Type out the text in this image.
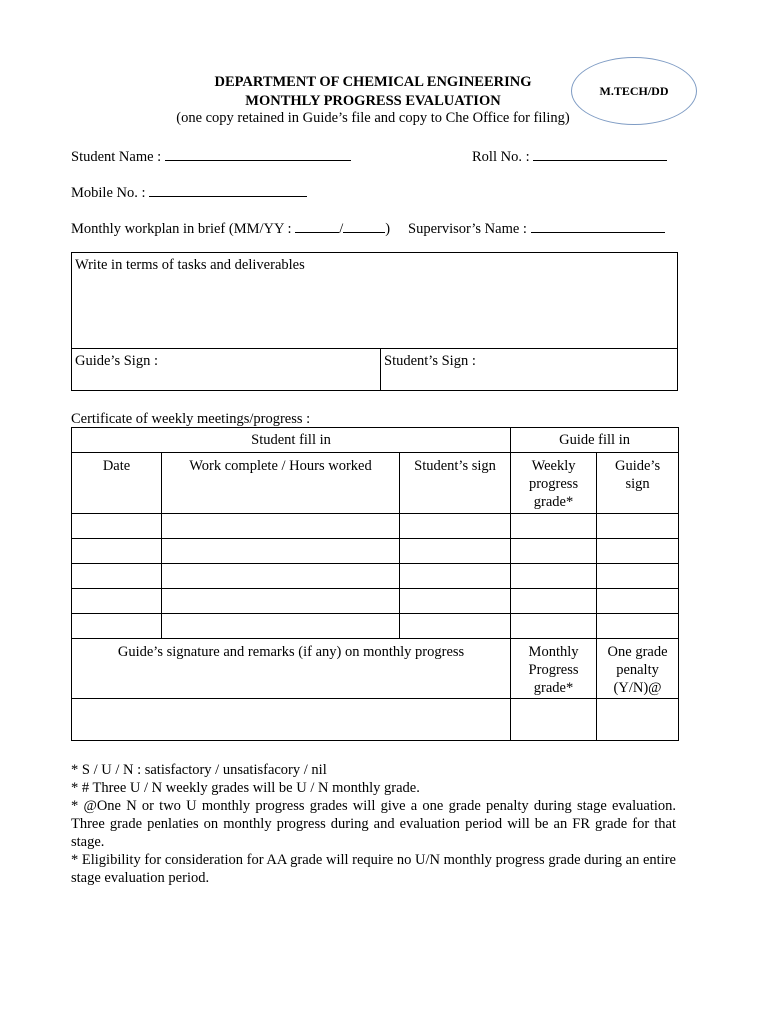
DEPARTMENT OF CHEMICAL ENGINEERING
MONTHLY PROGRESS EVALUATION
(one copy retained in Guide’s file and copy to Che Office for filing)
M.TECH/DD
Student Name :	Roll No. :
Mobile No. :
Monthly workplan in brief (MM/YY :	/	) Supervisor’s Name :
Write in terms of tasks and deliverables
Guide’s Sign :	Student’s Sign :
Certificate of weekly meetings/progress :
Student fill in			Guide fill in	
Date	Work complete / Hours worked	Student’s sign	Weekly progress grade*	Guide’s sign

Guide’s signature and remarks (if any) on monthly progress			Monthly Progress grade*	One grade penalty (Y/N)@

* S / U / N : satisfactory / unsatisfacory / nil

* # Three U / N weekly grades will be U / N monthly grade.

* @One N or two U monthly progress grades will give a one grade penalty during stage evaluation. Three grade penlaties on monthly progress during and evaluation period will be an FR grade for that stage.

* Eligibility for consideration for AA grade will require no U/N monthly progress grade during an entire stage evaluation period.
